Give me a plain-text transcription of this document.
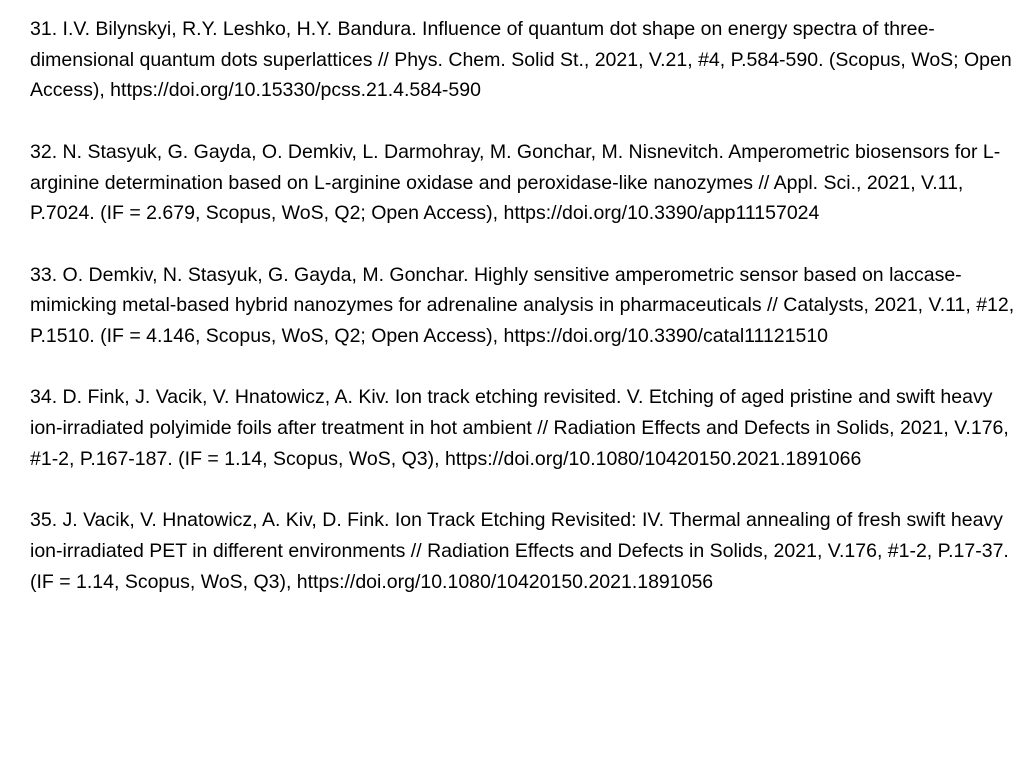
31. I.V. Bilynskyi, R.Y. Leshko, H.Y. Bandura. Influence of quantum dot shape on energy spectra of three-dimensional quantum dots superlattices // Phys. Chem. Solid St., 2021, V.21, #4, P.584-590. (Scopus, WoS; Open Access), https://doi.org/10.15330/pcss.21.4.584-590
32. N. Stasyuk, G. Gayda, O. Demkiv, L. Darmohray, M. Gonchar, M. Nisnevitch. Amperometric biosensors for L-arginine determination based on L-arginine oxidase and peroxidase-like nanozymes // Appl. Sci., 2021, V.11, P.7024. (IF = 2.679, Scopus, WoS, Q2; Open Access), https://doi.org/10.3390/app11157024
33. O. Demkiv, N. Stasyuk, G. Gayda, M. Gonchar. Highly sensitive amperometric sensor based on laccase-mimicking metal-based hybrid nanozymes for adrenaline analysis in pharmaceuticals // Catalysts, 2021, V.11, #12, P.1510. (IF = 4.146, Scopus, WoS, Q2; Open Access), https://doi.org/10.3390/catal11121510
34. D. Fink, J. Vacik, V. Hnatowicz, A. Kiv. Ion track etching revisited. V. Etching of aged pristine and swift heavy ion-irradiated polyimide foils after treatment in hot ambient // Radiation Effects and Defects in Solids, 2021, V.176, #1-2, P.167-187. (IF = 1.14, Scopus, WoS, Q3), https://doi.org/10.1080/10420150.2021.1891066
35. J. Vacik, V. Hnatowicz, A. Kiv, D. Fink. Ion Track Etching Revisited: IV. Thermal annealing of fresh swift heavy ion-irradiated PET in different environments // Radiation Effects and Defects in Solids, 2021, V.176, #1-2, P.17-37. (IF = 1.14, Scopus, WoS, Q3), https://doi.org/10.1080/10420150.2021.1891056
